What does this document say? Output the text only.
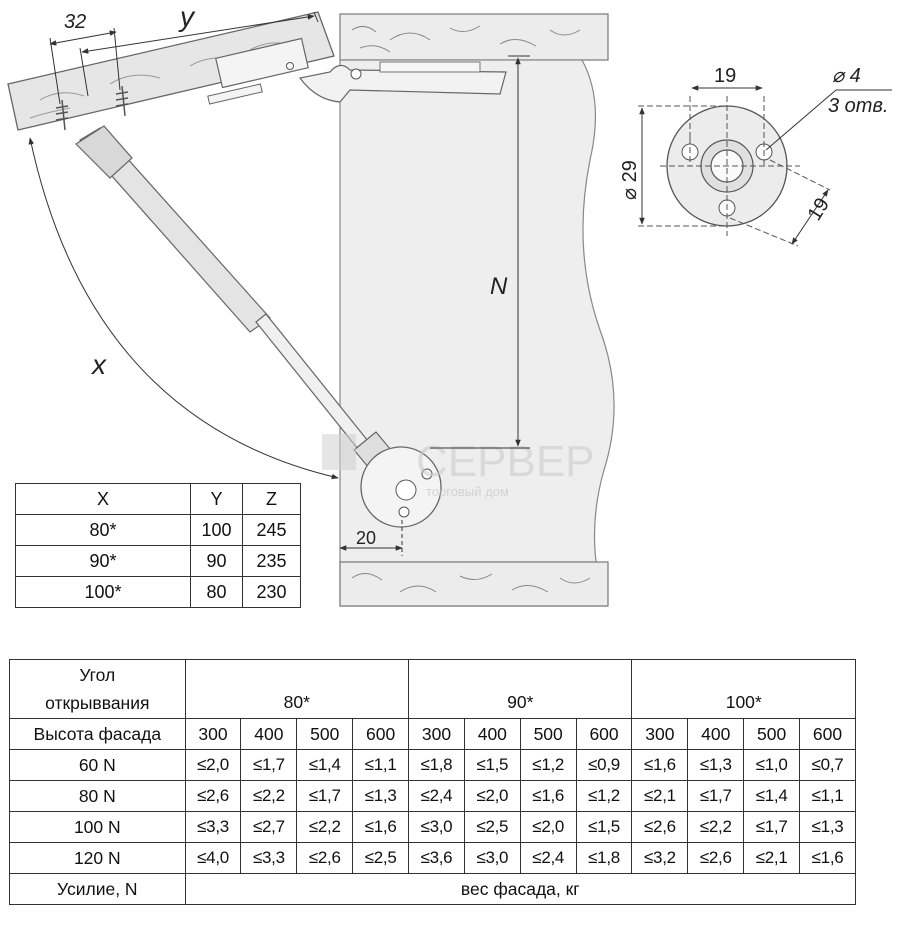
СЕРВЕР
торговый дом
32	y
x
N
20
19
⌀ 29
19
⌀ 4
3 отв.
X	Y	Z
80*	100	245
90*	90	235
100*	80	230
Угол
открыввания	80*				90*				100*			
Высота фасада	300	400	500	600	300	400	500	600	300	400	500	600
60 N	≤2,0	≤1,7	≤1,4	≤1,1	≤1,8	≤1,5	≤1,2	≤0,9	≤1,6	≤1,3	≤1,0	≤0,7
80 N	≤2,6	≤2,2	≤1,7	≤1,3	≤2,4	≤2,0	≤1,6	≤1,2	≤2,1	≤1,7	≤1,4	≤1,1
100 N	≤3,3	≤2,7	≤2,2	≤1,6	≤3,0	≤2,5	≤2,0	≤1,5	≤2,6	≤2,2	≤1,7	≤1,3
120 N	≤4,0	≤3,3	≤2,6	≤2,5	≤3,6	≤3,0	≤2,4	≤1,8	≤3,2	≤2,6	≤2,1	≤1,6
Усилие, N	вес фасада, кг											
